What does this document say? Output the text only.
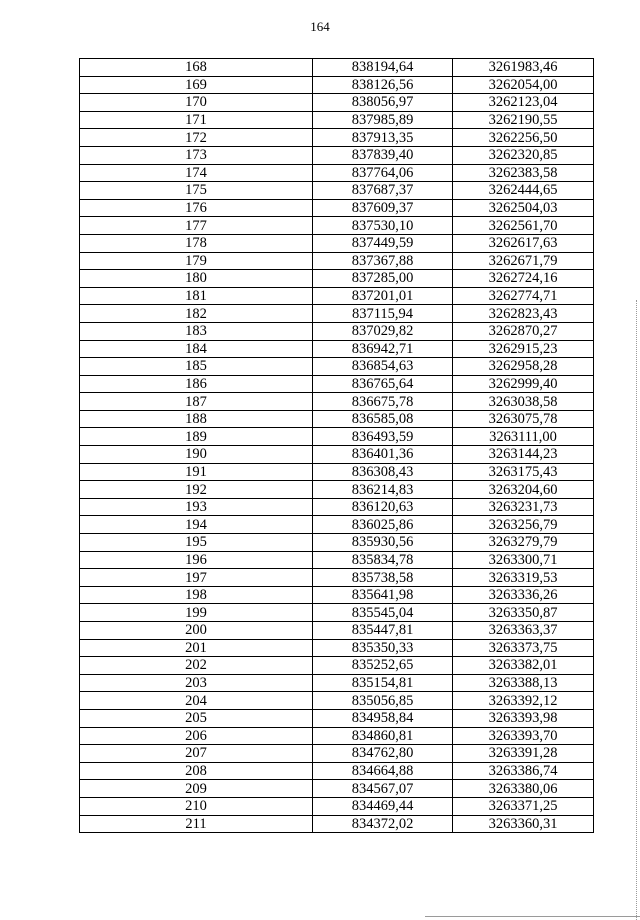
164
168	838194,64	3261983,46
169	838126,56	3262054,00
170	838056,97	3262123,04
171	837985,89	3262190,55
172	837913,35	3262256,50
173	837839,40	3262320,85
174	837764,06	3262383,58
175	837687,37	3262444,65
176	837609,37	3262504,03
177	837530,10	3262561,70
178	837449,59	3262617,63
179	837367,88	3262671,79
180	837285,00	3262724,16
181	837201,01	3262774,71
182	837115,94	3262823,43
183	837029,82	3262870,27
184	836942,71	3262915,23
185	836854,63	3262958,28
186	836765,64	3262999,40
187	836675,78	3263038,58
188	836585,08	3263075,78
189	836493,59	3263111,00
190	836401,36	3263144,23
191	836308,43	3263175,43
192	836214,83	3263204,60
193	836120,63	3263231,73
194	836025,86	3263256,79
195	835930,56	3263279,79
196	835834,78	3263300,71
197	835738,58	3263319,53
198	835641,98	3263336,26
199	835545,04	3263350,87
200	835447,81	3263363,37
201	835350,33	3263373,75
202	835252,65	3263382,01
203	835154,81	3263388,13
204	835056,85	3263392,12
205	834958,84	3263393,98
206	834860,81	3263393,70
207	834762,80	3263391,28
208	834664,88	3263386,74
209	834567,07	3263380,06
210	834469,44	3263371,25
211	834372,02	3263360,31
